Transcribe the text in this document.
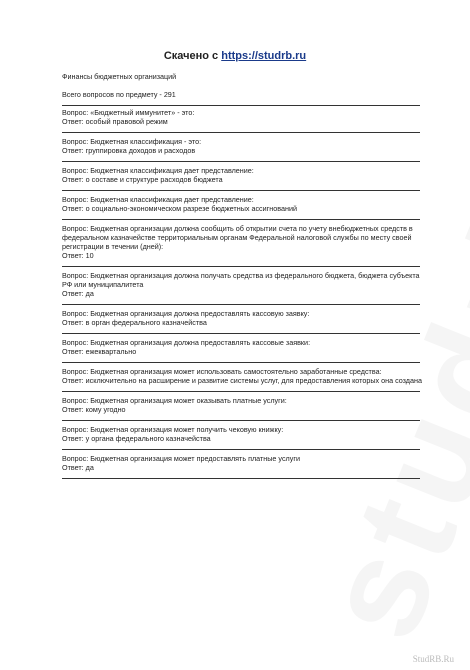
Скачено с https://studrb.ru
Финансы бюджетных организаций
Всего вопросов по предмету - 291
Вопрос: «Бюджетный иммунитет» - это:
Ответ: особый правовой режим
Вопрос: Бюджетная классификация - это:
Ответ: группировка доходов и расходов
Вопрос: Бюджетная классификация дает представление:
Ответ: о составе и структуре расходов бюджета
Вопрос: Бюджетная классификация дает представление:
Ответ: о социально-экономическом разрезе бюджетных ассигнований
Вопрос: Бюджетная организации должна сообщить об открытии счета по учету внебюджетных средств в федеральном казначействе территориальным органам Федеральной налоговой службы по месту своей регистрации в течении (дней):
Ответ: 10
Вопрос: Бюджетная организация должна получать средства из федерального бюджета, бюджета субъекта РФ или муниципалитета
Ответ: да
Вопрос: Бюджетная организация должна предоставлять кассовую заявку:
Ответ: в орган федерального казначейства
Вопрос: Бюджетная организация должна предоставлять кассовые заявки:
Ответ: ежеквартально
Вопрос: Бюджетная организация может использовать самостоятельно заработанные средства:
Ответ: исключительно на расширение и развитие системы услуг, для предоставления которых она создана
Вопрос: Бюджетная организация может оказывать платные услуги:
Ответ: кому угодно
Вопрос: Бюджетная организация может получить чековую книжку:
Ответ: у органа федерального казначейства
Вопрос: Бюджетная организация может предоставлять платные услуги
Ответ: да
StudRB.Ru
